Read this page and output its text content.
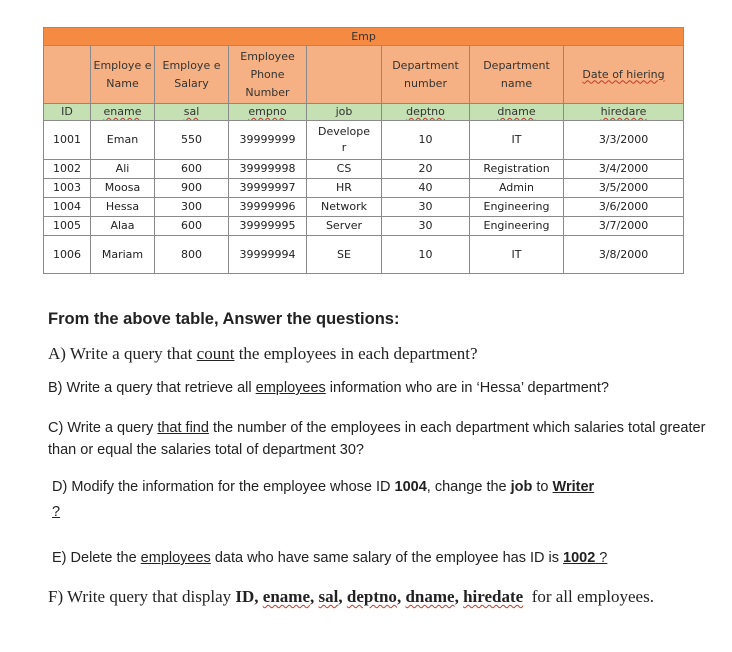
Emp							
	Employe e Name	Employe e Salary	Employee Phone Number		Department number	Department name	Date of hiering
ID	ename	sal	empno	job	deptno	dname	hiredare
1001	Eman	550	39999999	Develope r	10	IT	3/3/2000
1002	Ali	600	39999998	CS	20	Registration	3/4/2000
1003	Moosa	900	39999997	HR	40	Admin	3/5/2000
1004	Hessa	300	39999996	Network	30	Engineering	3/6/2000
1005	Alaa	600	39999995	Server	30	Engineering	3/7/2000
1006	Mariam	800	39999994	SE	10	IT	3/8/2000

From the above table, Answer the questions:

A) Write a query that count the employees in each department?

B) Write a query that retrieve all employees information who are in ‘Hessa’ department?

C) Write a query that find the number of the employees in each department which salaries total greater than or equal the salaries total of department 30?

D) Modify the information for the employee whose ID 1004, change the job to Writer

?

E) Delete the employees data who have same salary of the employee has ID is 1002 ?

F) Write query that display ID, ename, sal, deptno, dname, hiredate  for all employees.
